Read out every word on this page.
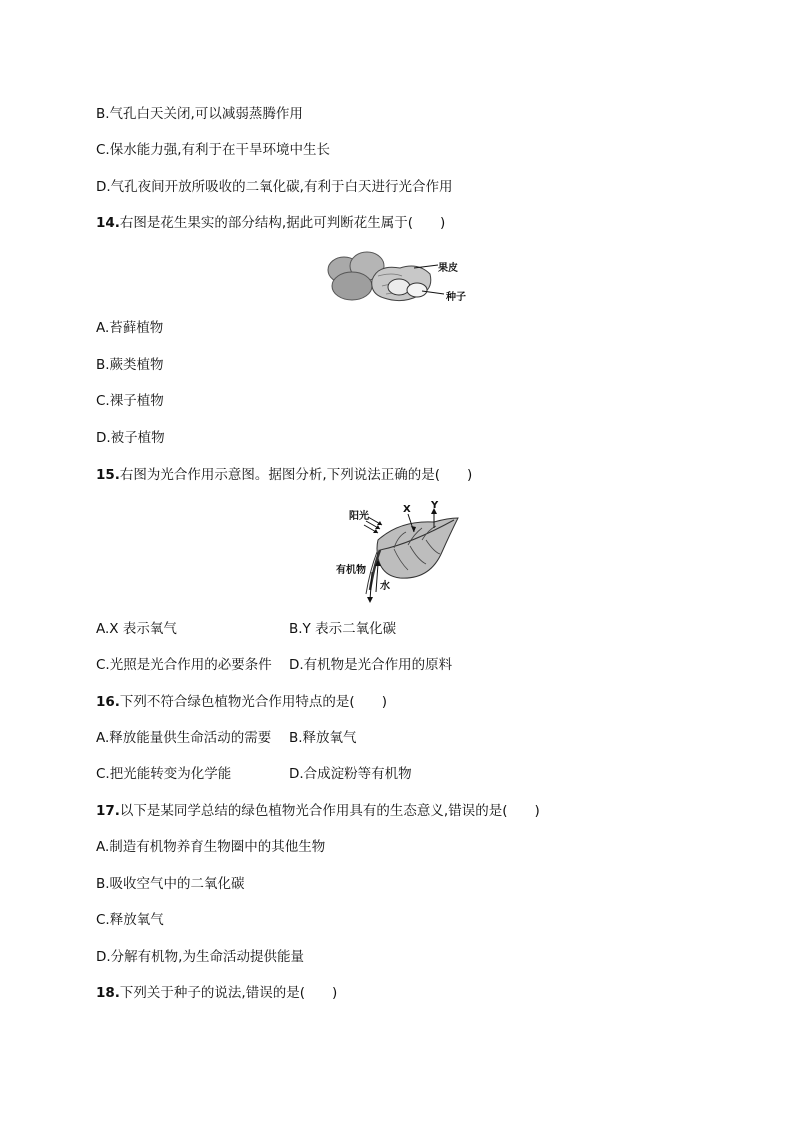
B.气孔白天关闭,可以减弱蒸腾作用
C.保水能力强,有利于在干旱环境中生长
D.气孔夜间开放所吸收的二氧化碳,有利于白天进行光合作用
14.右图是花生果实的部分结构,据此可判断花生属于(　　)
果皮
种子
A.苔藓植物
B.蕨类植物
C.裸子植物
D.被子植物
15.右图为光合作用示意图。据图分析,下列说法正确的是(　　)
阳光
X Y
有机物
水
A.X 表示氧气	B.Y 表示二氧化碳
C.光照是光合作用的必要条件 D.有机物是光合作用的原料
16.下列不符合绿色植物光合作用特点的是(　　)
A.释放能量供生命活动的需要 B.释放氧气
C.把光能转变为化学能	D.合成淀粉等有机物
17.以下是某同学总结的绿色植物光合作用具有的生态意义,错误的是(　　)
A.制造有机物养育生物圈中的其他生物
B.吸收空气中的二氧化碳
C.释放氧气
D.分解有机物,为生命活动提供能量
18.下列关于种子的说法,错误的是(　　)
